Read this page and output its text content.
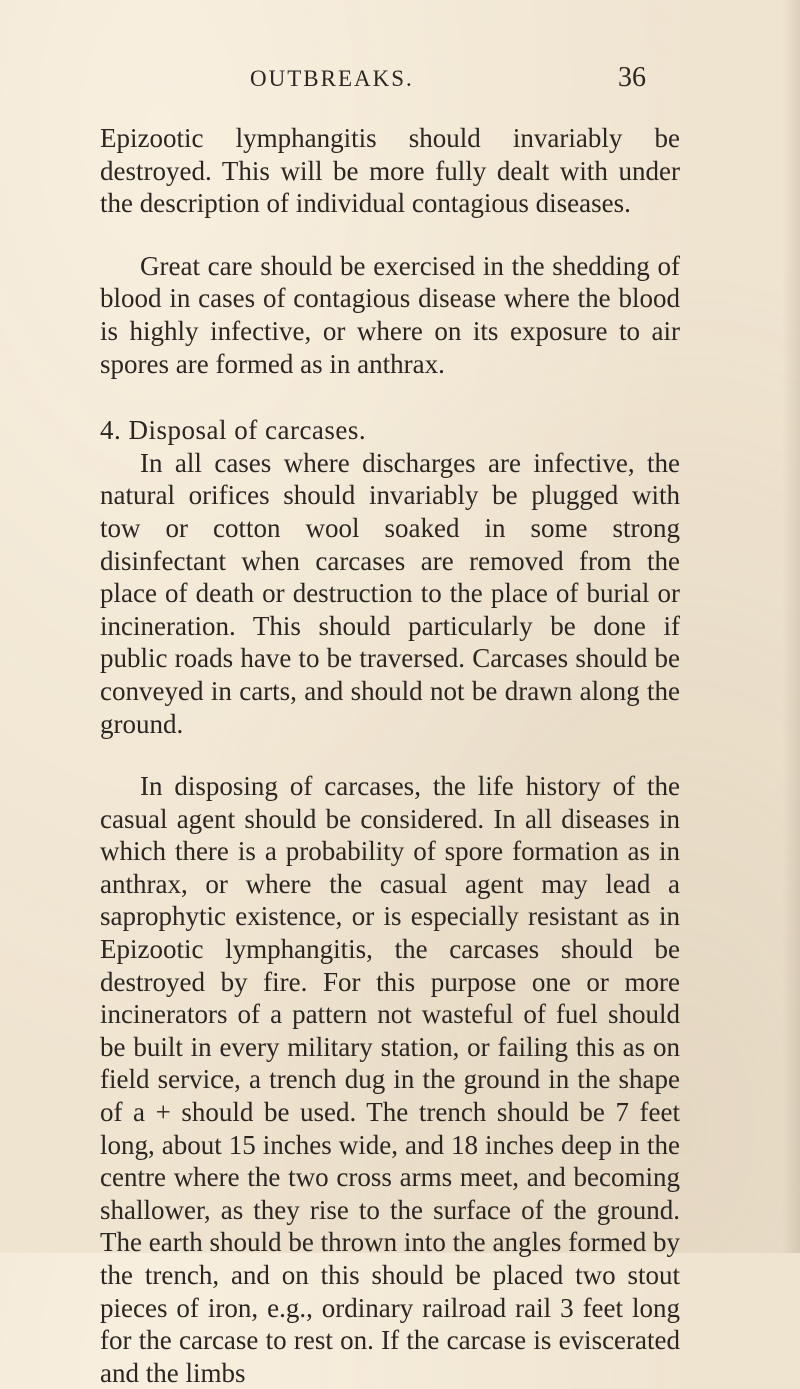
OUTBREAKS.	36

Epizootic lymphangitis should invariably be destroyed. This will be more fully dealt with under the description of individual contagious diseases.

Great care should be exercised in the shedding of blood in cases of contagious disease where the blood is highly infective, or where on its exposure to air spores are formed as in anthrax.

4. Disposal of carcases.

In all cases where discharges are infective, the natural orifices should invariably be plugged with tow or cotton wool soaked in some strong disinfectant when carcases are removed from the place of death or destruction to the place of burial or incineration. This should particularly be done if public roads have to be traversed. Carcases should be conveyed in carts, and should not be drawn along the ground.

In disposing of carcases, the life history of the casual agent should be considered. In all diseases in which there is a probability of spore formation as in anthrax, or where the casual agent may lead a saprophytic existence, or is especially resistant as in Epizootic lymphangitis, the carcases should be destroyed by fire. For this purpose one or more incinerators of a pattern not wasteful of fuel should be built in every military station, or failing this as on field service, a trench dug in the ground in the shape of a + should be used. The trench should be 7 feet long, about 15 inches wide, and 18 inches deep in the centre where the two cross arms meet, and becoming shallower, as they rise to the surface of the ground. The earth should be thrown into the angles formed by the trench, and on this should be placed two stout pieces of iron, e.g., ordinary railroad rail 3 feet long for the carcase to rest on. If the carcase is eviscerated and the limbs
